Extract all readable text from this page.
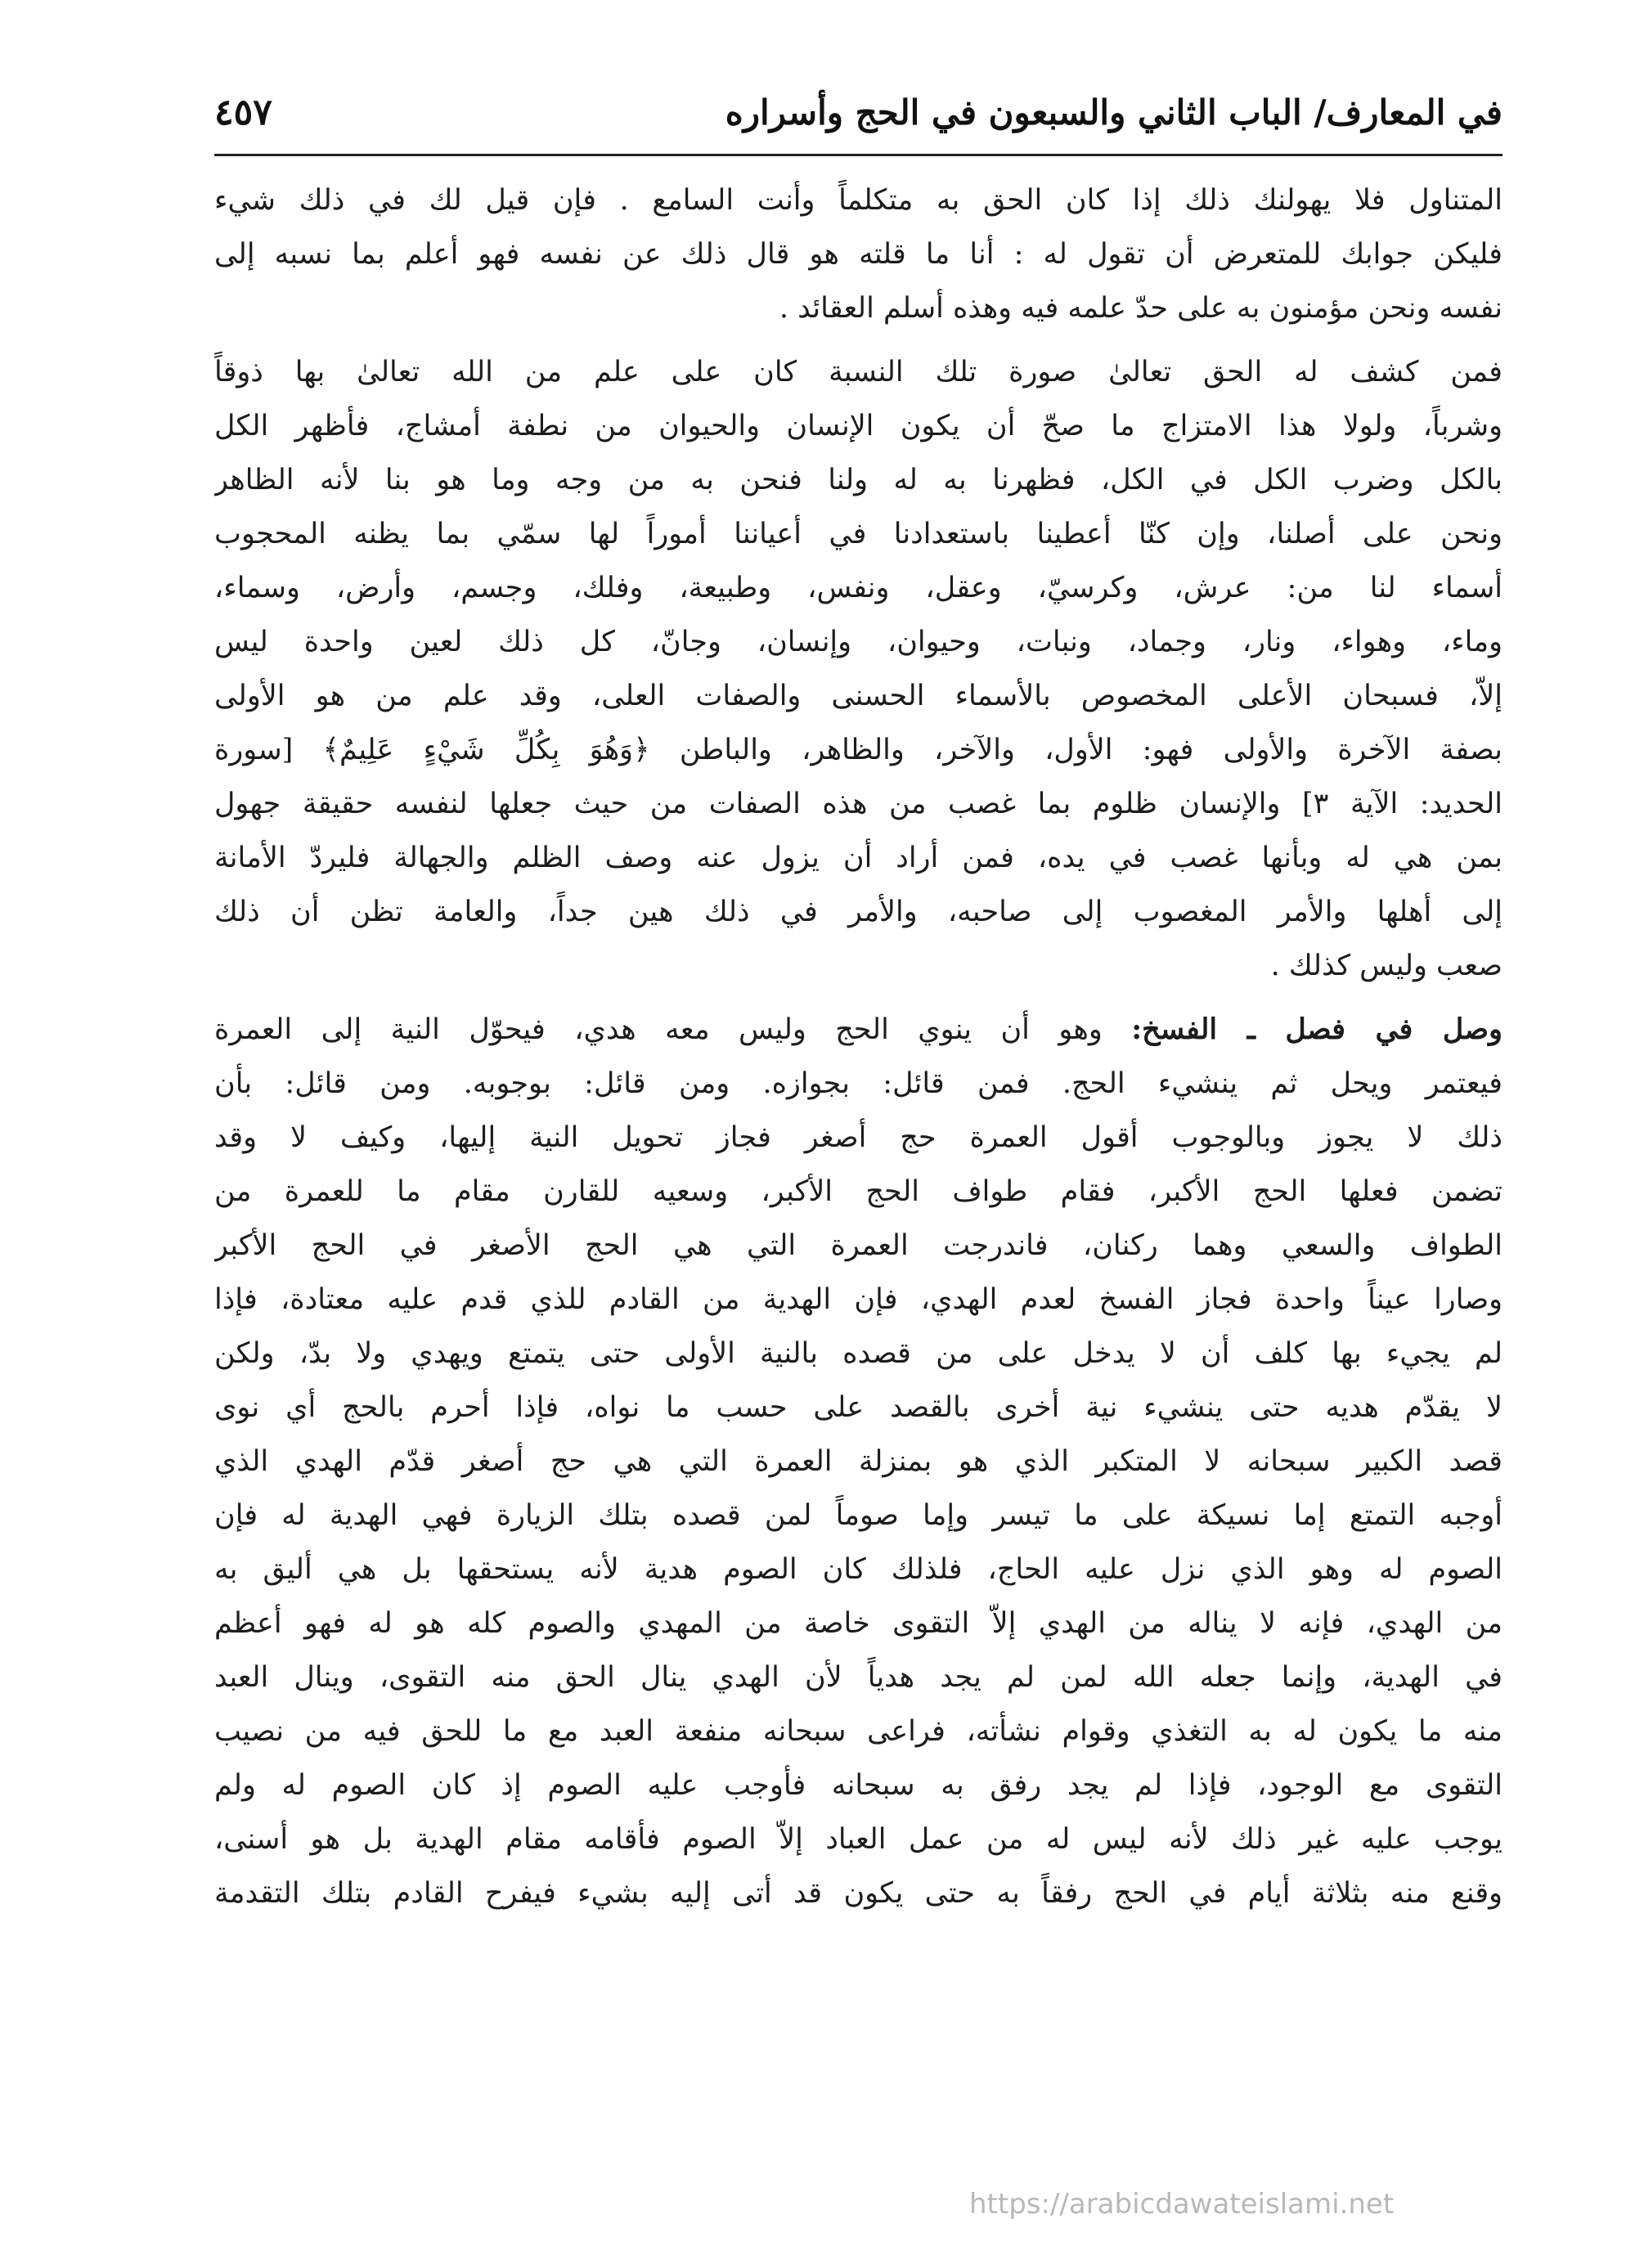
في المعارف/ الباب الثاني والسبعون في الحج وأسراره
٤٥٧
المتناول فلا يهولنك ذلك إذا كان الحق به متكلماً وأنت السامع . فإن قيل لك في ذلك شيء
فليكن جوابك للمتعرض أن تقول له : أنا ما قلته هو قال ذلك عن نفسه فهو أعلم بما نسبه إلى
نفسه ونحن مؤمنون به على حدّ علمه فيه وهذه أسلم العقائد .
فمن كشف له الحق تعالىٰ صورة تلك النسبة كان على علم من الله تعالىٰ بها ذوقاً
وشرباً، ولولا هذا الامتزاج ما صحّ أن يكون الإنسان والحيوان من نطفة أمشاج، فأظهر الكل
بالكل وضرب الكل في الكل، فظهرنا به له ولنا فنحن به من وجه وما هو بنا لأنه الظاهر
ونحن على أصلنا، وإن كنّا أعطينا باستعدادنا في أعياننا أموراً لها سمّي بما يظنه المحجوب
أسماء لنا من: عرش، وكرسيّ، وعقل، ونفس، وطبيعة، وفلك، وجسم، وأرض، وسماء،
وماء، وهواء، ونار، وجماد، ونبات، وحيوان، وإنسان، وجانّ، كل ذلك لعين واحدة ليس
إلاّ، فسبحان الأعلى المخصوص بالأسماء الحسنى والصفات العلى، وقد علم من هو الأولى
بصفة الآخرة والأولى فهو: الأول، والآخر، والظاهر، والباطن ﴿وَهُوَ بِكُلِّ شَيْءٍ عَلِيمٌ﴾ [سورة
الحديد: الآية ٣] والإنسان ظلوم بما غصب من هذه الصفات من حيث جعلها لنفسه حقيقة جهول
بمن هي له وبأنها غصب في يده، فمن أراد أن يزول عنه وصف الظلم والجهالة فليردّ الأمانة
إلى أهلها والأمر المغصوب إلى صاحبه، والأمر في ذلك هين جداً، والعامة تظن أن ذلك
صعب وليس كذلك .
وصل في فصل ـ الفسخ: وهو أن ينوي الحج وليس معه هدي، فيحوّل النية إلى العمرة
فيعتمر ويحل ثم ينشيء الحج. فمن قائل: بجوازه. ومن قائل: بوجوبه. ومن قائل: بأن
ذلك لا يجوز وبالوجوب أقول العمرة حج أصغر فجاز تحويل النية إليها، وكيف لا وقد
تضمن فعلها الحج الأكبر، فقام طواف الحج الأكبر، وسعيه للقارن مقام ما للعمرة من
الطواف والسعي وهما ركنان، فاندرجت العمرة التي هي الحج الأصغر في الحج الأكبر
وصارا عيناً واحدة فجاز الفسخ لعدم الهدي، فإن الهدية من القادم للذي قدم عليه معتادة، فإذا
لم يجيء بها كلف أن لا يدخل على من قصده بالنية الأولى حتى يتمتع ويهدي ولا بدّ، ولكن
لا يقدّم هديه حتى ينشيء نية أخرى بالقصد على حسب ما نواه، فإذا أحرم بالحج أي نوى
قصد الكبير سبحانه لا المتكبر الذي هو بمنزلة العمرة التي هي حج أصغر قدّم الهدي الذي
أوجبه التمتع إما نسيكة على ما تيسر وإما صوماً لمن قصده بتلك الزيارة فهي الهدية له فإن
الصوم له وهو الذي نزل عليه الحاج، فلذلك كان الصوم هدية لأنه يستحقها بل هي أليق به
من الهدي، فإنه لا يناله من الهدي إلاّ التقوى خاصة من المهدي والصوم كله هو له فهو أعظم
في الهدية، وإنما جعله الله لمن لم يجد هدياً لأن الهدي ينال الحق منه التقوى، وينال العبد
منه ما يكون له به التغذي وقوام نشأته، فراعى سبحانه منفعة العبد مع ما للحق فيه من نصيب
التقوى مع الوجود، فإذا لم يجد رفق به سبحانه فأوجب عليه الصوم إذ كان الصوم له ولم
يوجب عليه غير ذلك لأنه ليس له من عمل العباد إلاّ الصوم فأقامه مقام الهدية بل هو أسنى،
وقنع منه بثلاثة أيام في الحج رفقاً به حتى يكون قد أتى إليه بشيء فيفرح القادم بتلك التقدمة
https://arabicdawateislami.net
